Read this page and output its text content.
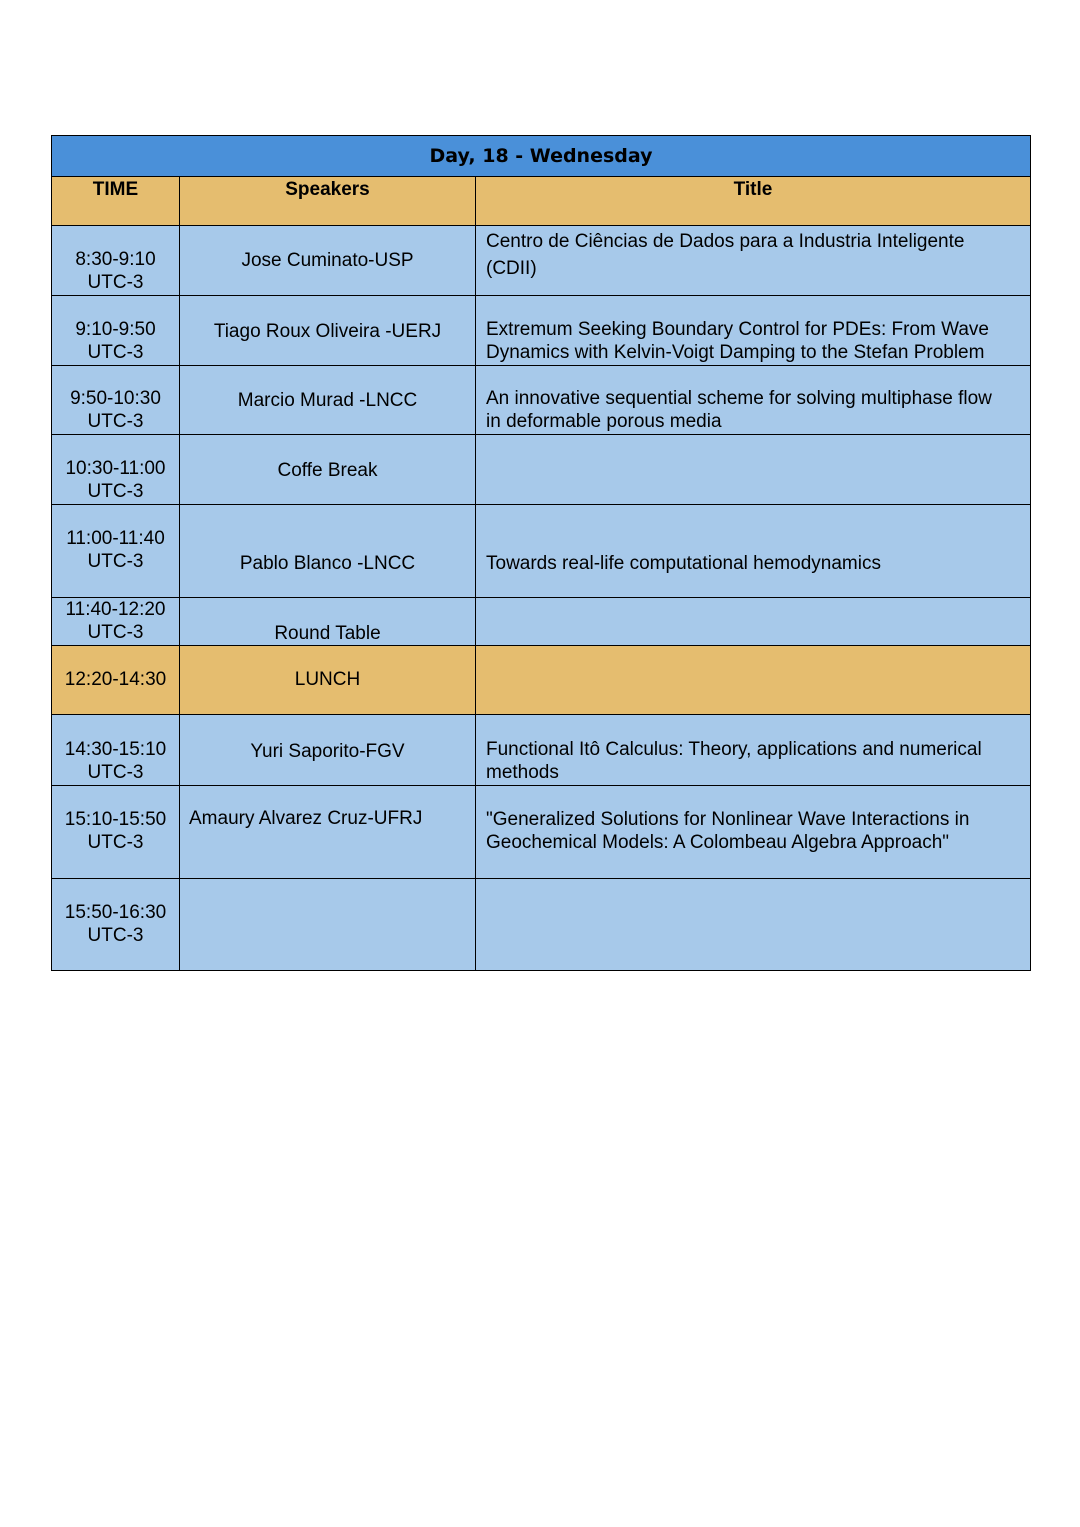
Day, 18 - Wednesday		
TIME	Speakers	Title

8:30-9:10
UTC-3	Jose Cuminato-USP	Centro de Ciências de Dados para a Industria Inteligente
(CDII)

9:10-9:50
UTC-3	Tiago Roux Oliveira -UERJ	Extremum Seeking Boundary Control for PDEs: From Wave
Dynamics with Kelvin-Voigt Damping to the Stefan Problem

9:50-10:30
UTC-3	Marcio Murad -LNCC	An innovative sequential scheme for solving multiphase flow
in deformable porous media

10:30-11:00
UTC-3	Coffe Break	

11:00-11:40
UTC-3	Pablo Blanco -LNCC	Towards real-life computational hemodynamics

11:40-12:20
UTC-3	Round Table	

12:20-14:30	LUNCH	

14:30-15:10
UTC-3	Yuri Saporito-FGV	Functional Itô Calculus: Theory, applications and numerical
methods

15:10-15:50
UTC-3	Amaury Alvarez Cruz-UFRJ	"Generalized Solutions for Nonlinear Wave Interactions in
Geochemical Models: A Colombeau Algebra Approach"

15:50-16:30
UTC-3		
